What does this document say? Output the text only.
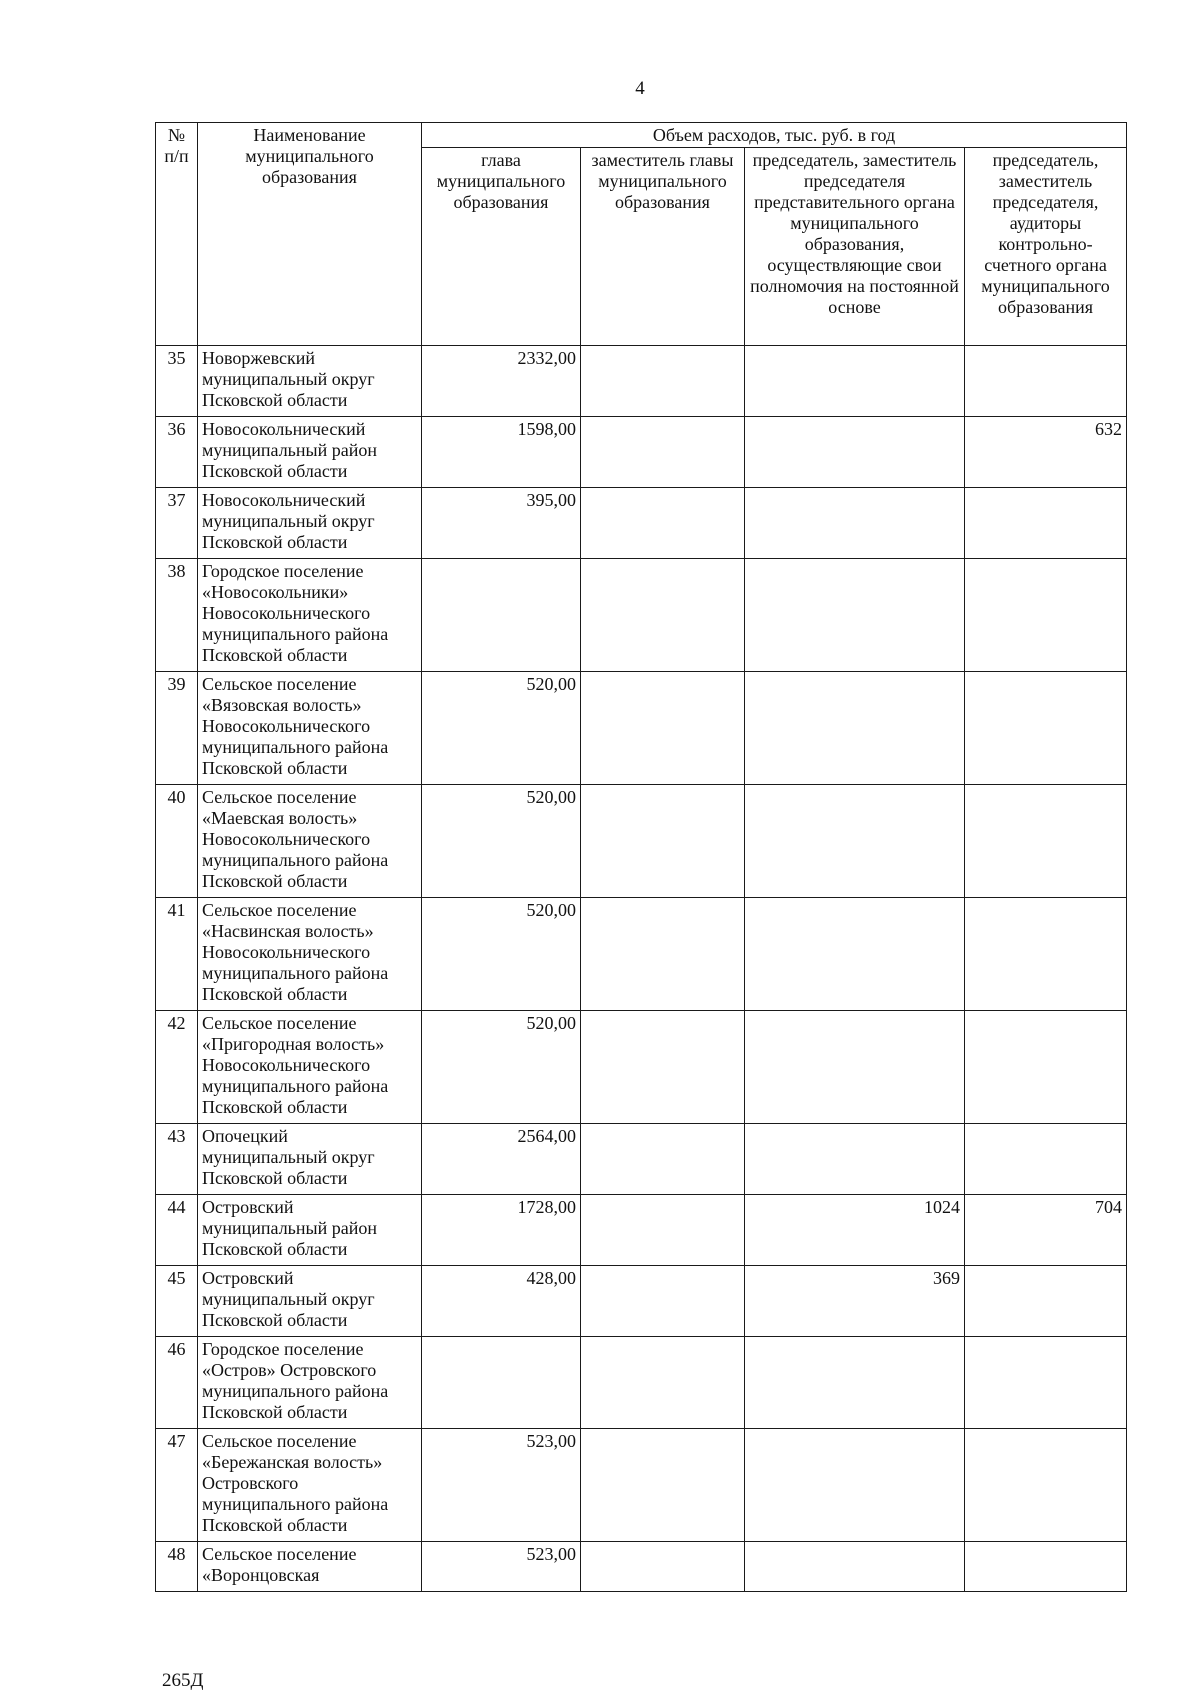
4
№ п/п	Наименование муниципального образования	Объем расходов, тыс. руб. в год			
		глава муниципального образования	заместитель главы муниципального образования	председатель, заместитель председателя представительного органа муниципального образования, осуществляющие свои полномочия на постоянной основе	председатель, заместитель председателя, аудиторы контрольно-счетного органа муниципального образования
35	Новоржевский муниципальный округ Псковской области	2332,00			
36	Новосокольнический муниципальный район Псковской области	1598,00			632
37	Новосокольнический муниципальный округ Псковской области	395,00			
38	Городское поселение «Новосокольники» Новосокольнического муниципального района Псковской области				
39	Сельское поселение «Вязовская волость» Новосокольнического муниципального района Псковской области	520,00			
40	Сельское поселение «Маевская волость» Новосокольнического муниципального района Псковской области	520,00			
41	Сельское поселение «Насвинская волость» Новосокольнического муниципального района Псковской области	520,00			
42	Сельское поселение «Пригородная волость» Новосокольнического муниципального района Псковской области	520,00			
43	Опочецкий муниципальный округ Псковской области	2564,00			
44	Островский муниципальный район Псковской области	1728,00		1024	704
45	Островский муниципальный округ Псковской области	428,00		369	
46	Городское поселение «Остров» Островского муниципального района Псковской области				
47	Сельское поселение «Бережанская волость» Островского муниципального района Псковской области	523,00			
48	Сельское поселение «Воронцовская	523,00			
265Д
